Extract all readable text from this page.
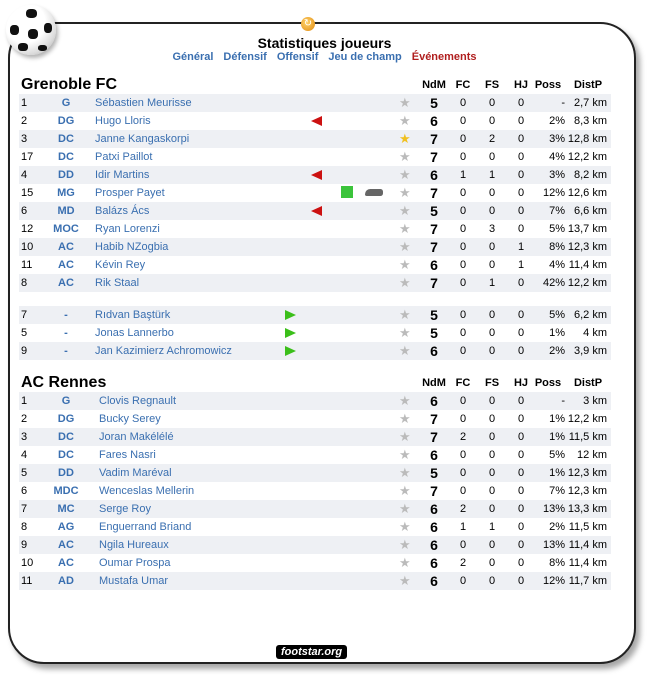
↻
Statistiques joueurs
Général Défensif Offensif Jeu de champ Événements
Grenoble FC	NdM FC FS HJ Poss	DistP
1	G	Sébastien Meurisse	★ 5	0	0	0	- 2,7 km
2	DG	Hugo Lloris	★ 6	0	0	0	2% 8,3 km
3	DC	Janne Kangaskorpi	★ 7	0	2	0	3% 12,8 km
17	DC	Patxi Paillot	★ 7	0	0	0	4% 12,2 km
4	DD	Idir Martins	★ 6	1	1	0	3% 8,2 km
15	MG	Prosper Payet	★ 7	0	0	0	12% 12,6 km
6	MD	Balázs Ács	★ 5	0	0	0	7% 6,6 km
12	MOC	Ryan Lorenzi	★ 7	0	3	0	5% 13,7 km
10	AC	Habib NZogbia	★ 7	0	0	1	8% 12,3 km
11	AC	Kévin Rey	★ 6	0	0	1	4% 11,4 km
8	AC	Rik Staal	★ 7	0	1	0	42% 12,2 km
7	-	Rıdvan Baştürk	★ 5	0	0	0	5% 6,2 km
5	-	Jonas Lannerbo	★ 5	0	0	0	1%	4 km
9	-	Jan Kazimierz Achromowicz	★ 6	0	0	0	2% 3,9 km
AC Rennes	NdM FC FS HJ Poss	DistP
1	G	Clovis Regnault	★ 6	0	0	0	-	3 km
2	DG	Bucky Serey	★ 7	0	0	0	1% 12,2 km
3	DC	Joran Makélélé	★ 7	2	0	0	1% 11,5 km
4	DC	Fares Nasri	★ 6	0	0	0	5%	12 km
5	DD	Vadim Maréval	★ 5	0	0	0	1% 12,3 km
6	MDC	Wenceslas Mellerin	★ 7	0	0	0	7% 12,3 km
7	MC	Serge Roy	★ 6	2	0	0	13% 13,3 km
8	AG	Enguerrand Briand	★ 6	1	1	0	2% 11,5 km
9	AC	Ngila Hureaux	★ 6	0	0	0	13% 11,4 km
10	AC	Oumar Prospa	★ 6	2	0	0	8% 11,4 km
11	AD	Mustafa Umar	★ 6	0	0	0	12% 11,7 km
footstar.org
